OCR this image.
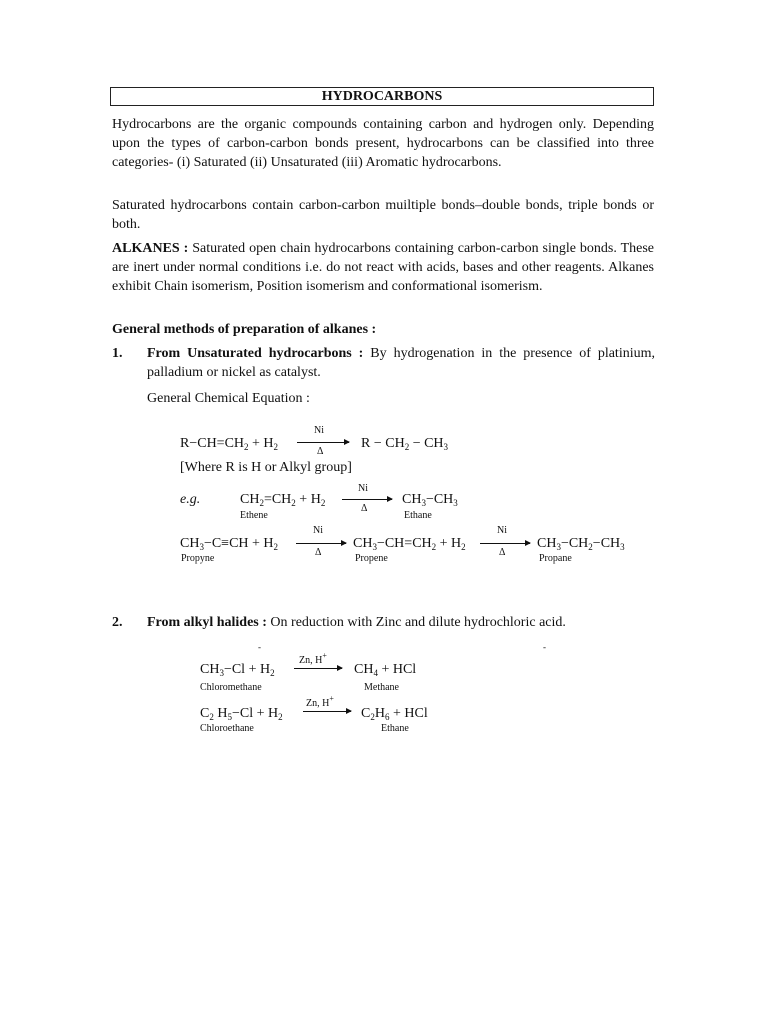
HYDROCARBONS
Hydrocarbons are the organic compounds containing carbon and hydrogen only. Depending upon the types of carbon-carbon bonds present, hydrocarbons can be classified into three categories- (i) Saturated (ii) Unsaturated (iii) Aromatic hydrocarbons.
Saturated hydrocarbons contain carbon-carbon muiltiple bonds–double bonds, triple bonds or both.
ALKANES : Saturated open chain hydrocarbons containing carbon-carbon single bonds. These are inert under normal conditions i.e. do not react with acids, bases and other reagents. Alkanes exhibit Chain isomerism, Position isomerism and conformational isomerism.
General methods of preparation of alkanes :
1. From Unsaturated hydrocarbons : By hydrogenation in the presence of platinium, palladium or nickel as catalyst.
General Chemical Equation :
$R-CH=CH_2 + H_2$
Ni
Δ
$R - CH_2 - CH_3$
[Where R is H or Alkyl group]
e.g.	$CH_2=CH_2 + H_2$
Ethene
Ni
Δ
$CH_3-CH_3$
Ethane
$CH_3-C\equiv CH + H_2$
Propyne
Ni
Δ
$CH_3-CH=CH_2 + H_2$
Propene
Ni
Δ
$CH_3-CH_2-CH_3$
Propane
2. From alkyl halides : On reduction with Zinc and dilute hydrochloric acid.
-	-
$CH_3-Cl + H_2$
Chloromethane
Zn, H+
→ $CH_4$ + HCl
Methane
$C_2$ $H_5-Cl + H_2$
Chloroethane
Zn, H+
→ $C_2H_6$ + HCl
Ethane
